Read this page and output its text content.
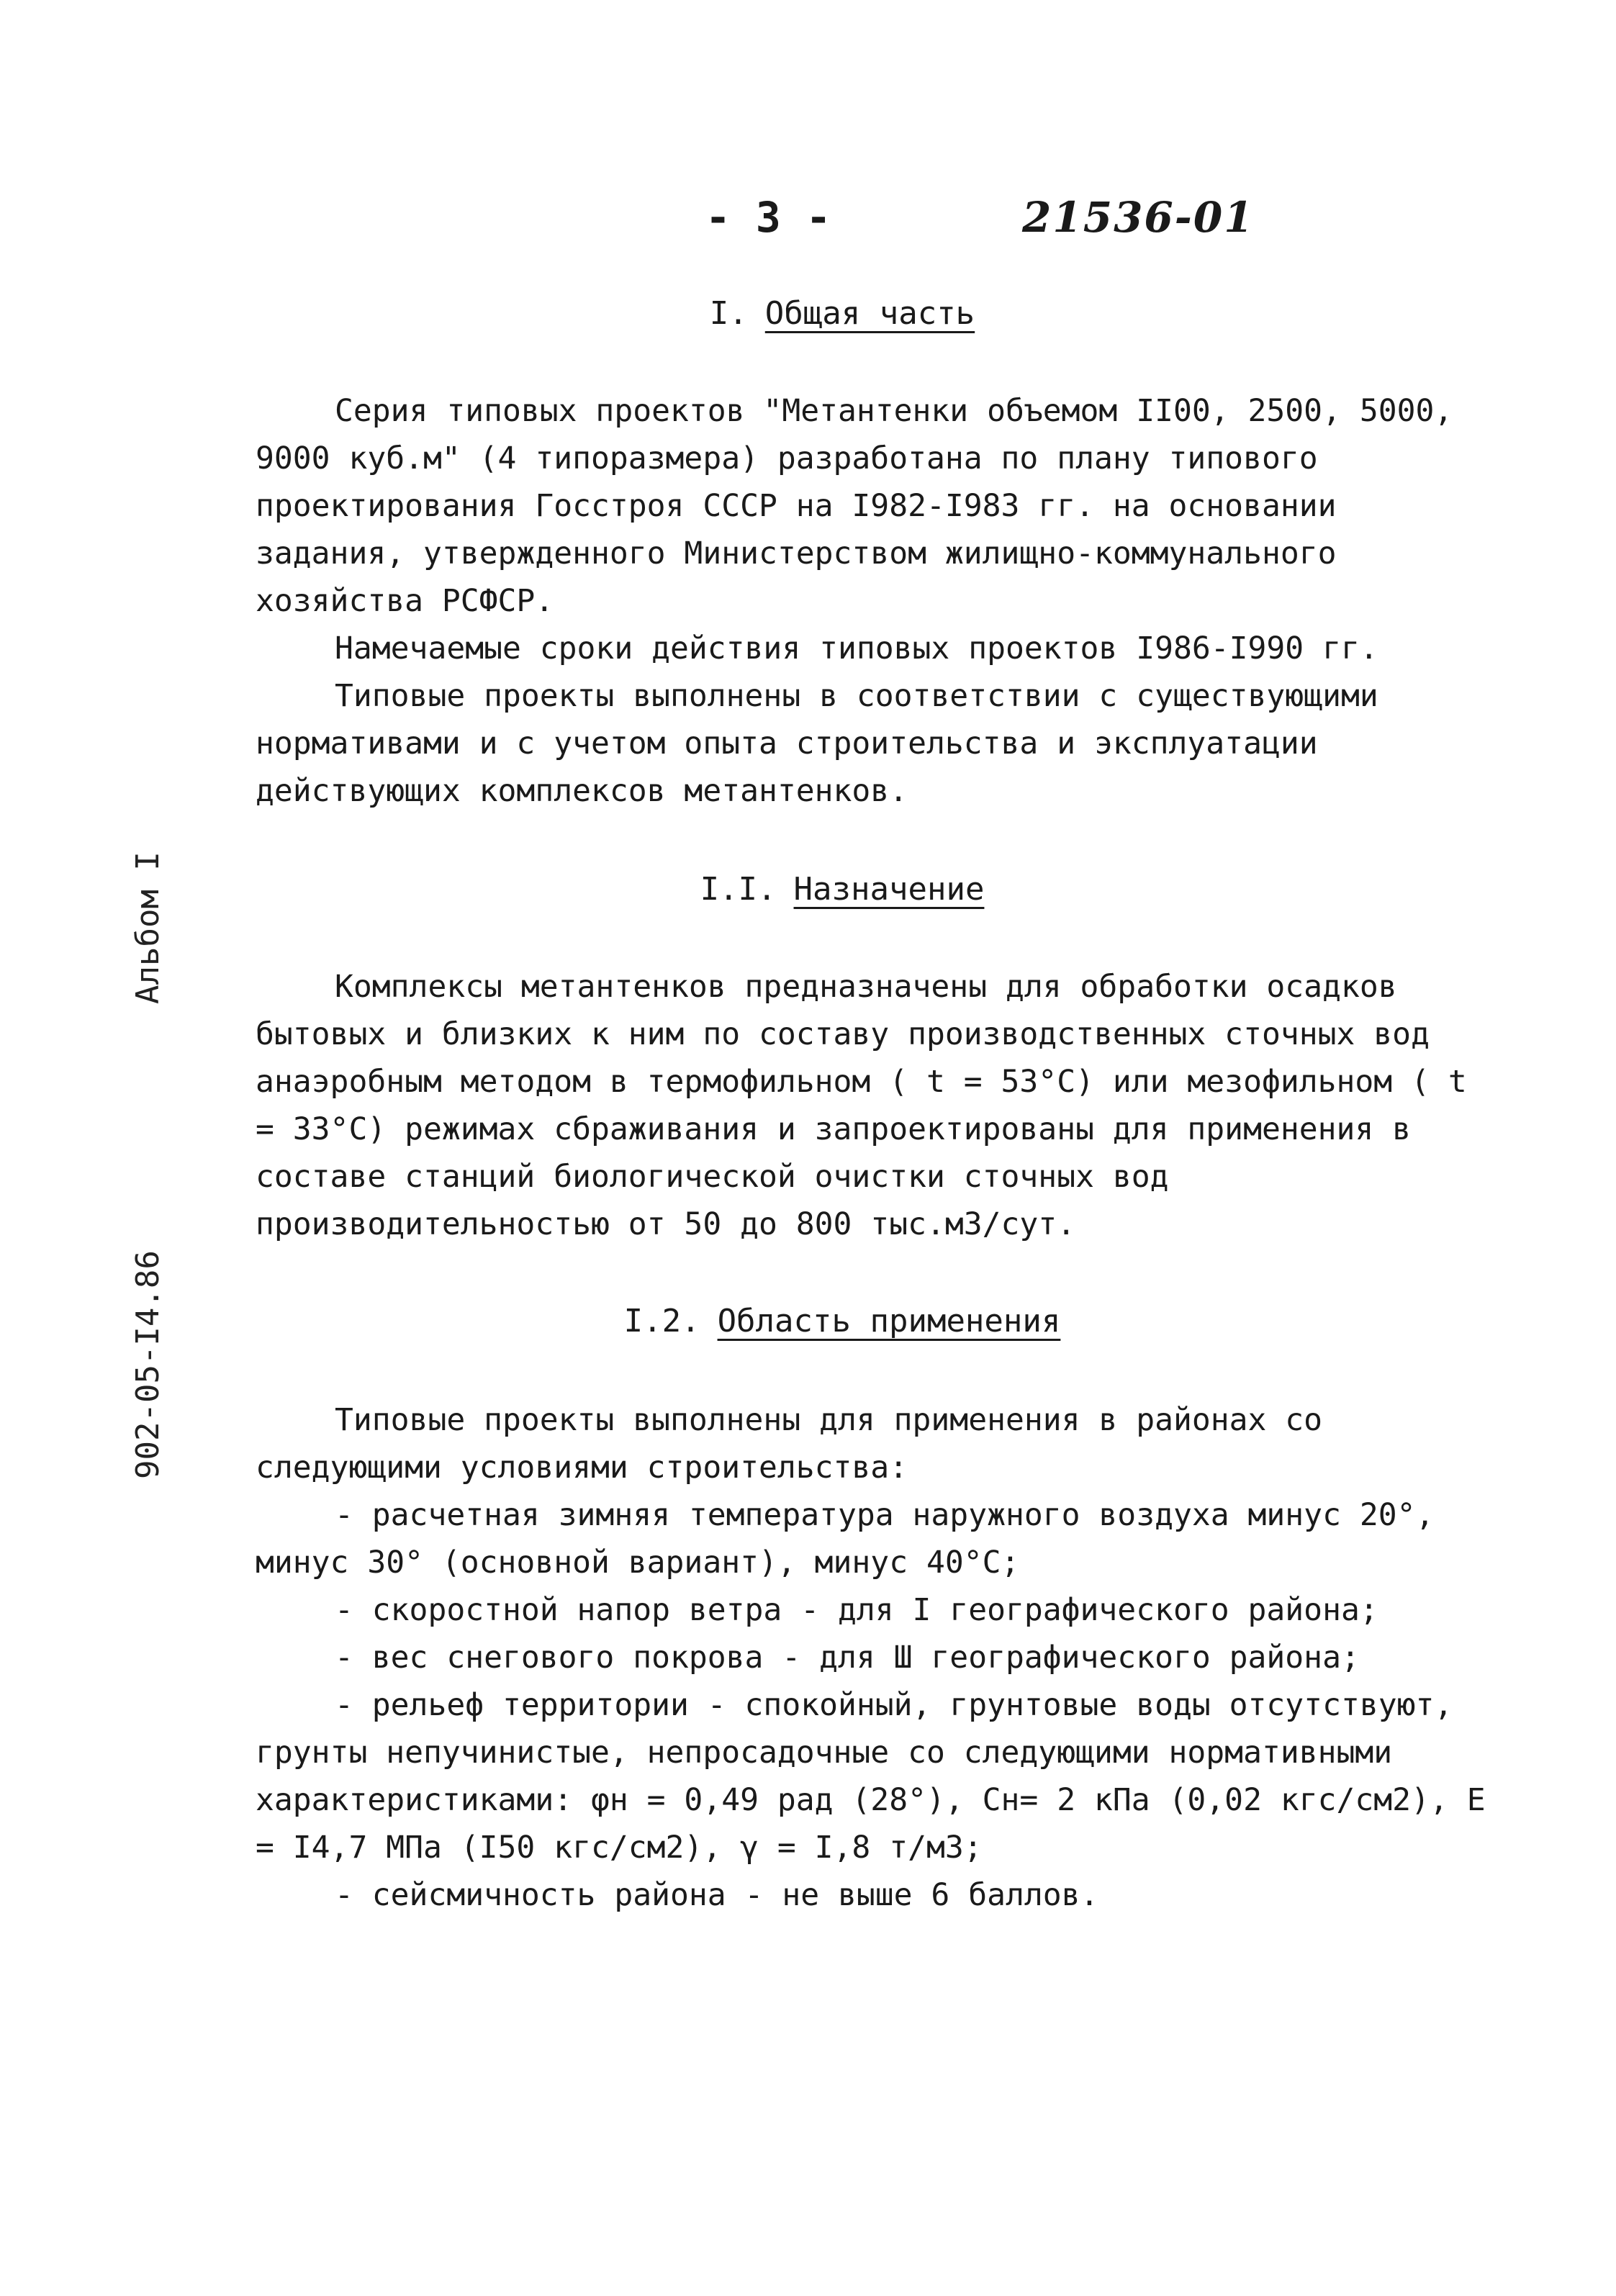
- 3 -	21536-01
Альбом I
902-05-I4.86
I. Общая часть

Серия типовых проектов "Метантенки объемом II00, 2500, 5000, 9000 куб.м" (4 типоразмера) разработана по плану типового проектирования Госстроя СССР на I982-I983 гг. на основании задания, утвержденного Министерством жилищно-коммунального хозяйства РСФСР.

Намечаемые сроки действия типовых проектов I986-I990 гг.

Типовые проекты выполнены в соответствии с существующими нормативами и с учетом опыта строительства и эксплуатации действующих комплексов метантенков.

I.I. Назначение

Комплексы метантенков предназначены для обработки осадков бытовых и близких к ним по составу производственных сточных вод анаэробным методом в термофильном ( t = 53°С) или мезофильном ( t = 33°С) режимах сбраживания и запроектированы для применения в составе станций биологической очистки сточных вод производительностью от 50 до 800 тыс.м3/сут.

I.2. Область применения

Типовые проекты выполнены для применения в районах со следующими условиями строительства:

- расчетная зимняя температура наружного воздуха минус 20°, минус 30° (основной вариант), минус 40°С;

- скоростной напор ветра - для I географического района;

- вес снегового покрова - для Ш географического района;

- рельеф территории - спокойный, грунтовые воды отсутствуют, грунты непучинистые, непросадочные со следующими нормативными характеристиками: φн = 0,49 рад (28°), Сн= 2 кПа (0,02 кгс/см2), Е = I4,7 МПа (I50 кгс/см2), γ = I,8 т/м3;

- сейсмичность района - не выше 6 баллов.
